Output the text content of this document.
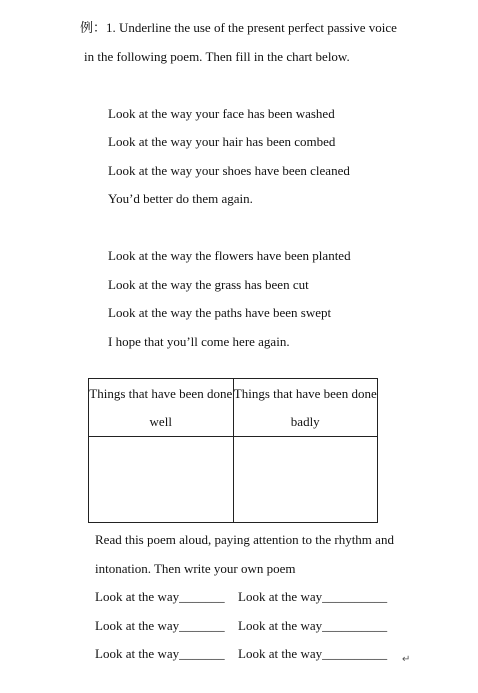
例：1. Underline the use of the present perfect passive voice
in the following poem. Then fill in the chart below.
Look at the way your face has been washed
Look at the way your hair has been combed
Look at the way your shoes have been cleaned
You’d better do them again.
Look at the way the flowers have been planted
Look at the way the grass has been cut
Look at the way the paths have been swept
I hope that you’ll come here again.
Things that have been done well	Things that have been done badly

Read this poem aloud, paying attention to the rhythm and
intonation. Then write your own poem
Look at the way_______ Look at the way__________
Look at the way_______ Look at the way__________
Look at the way_______ Look at the way__________ ↵
